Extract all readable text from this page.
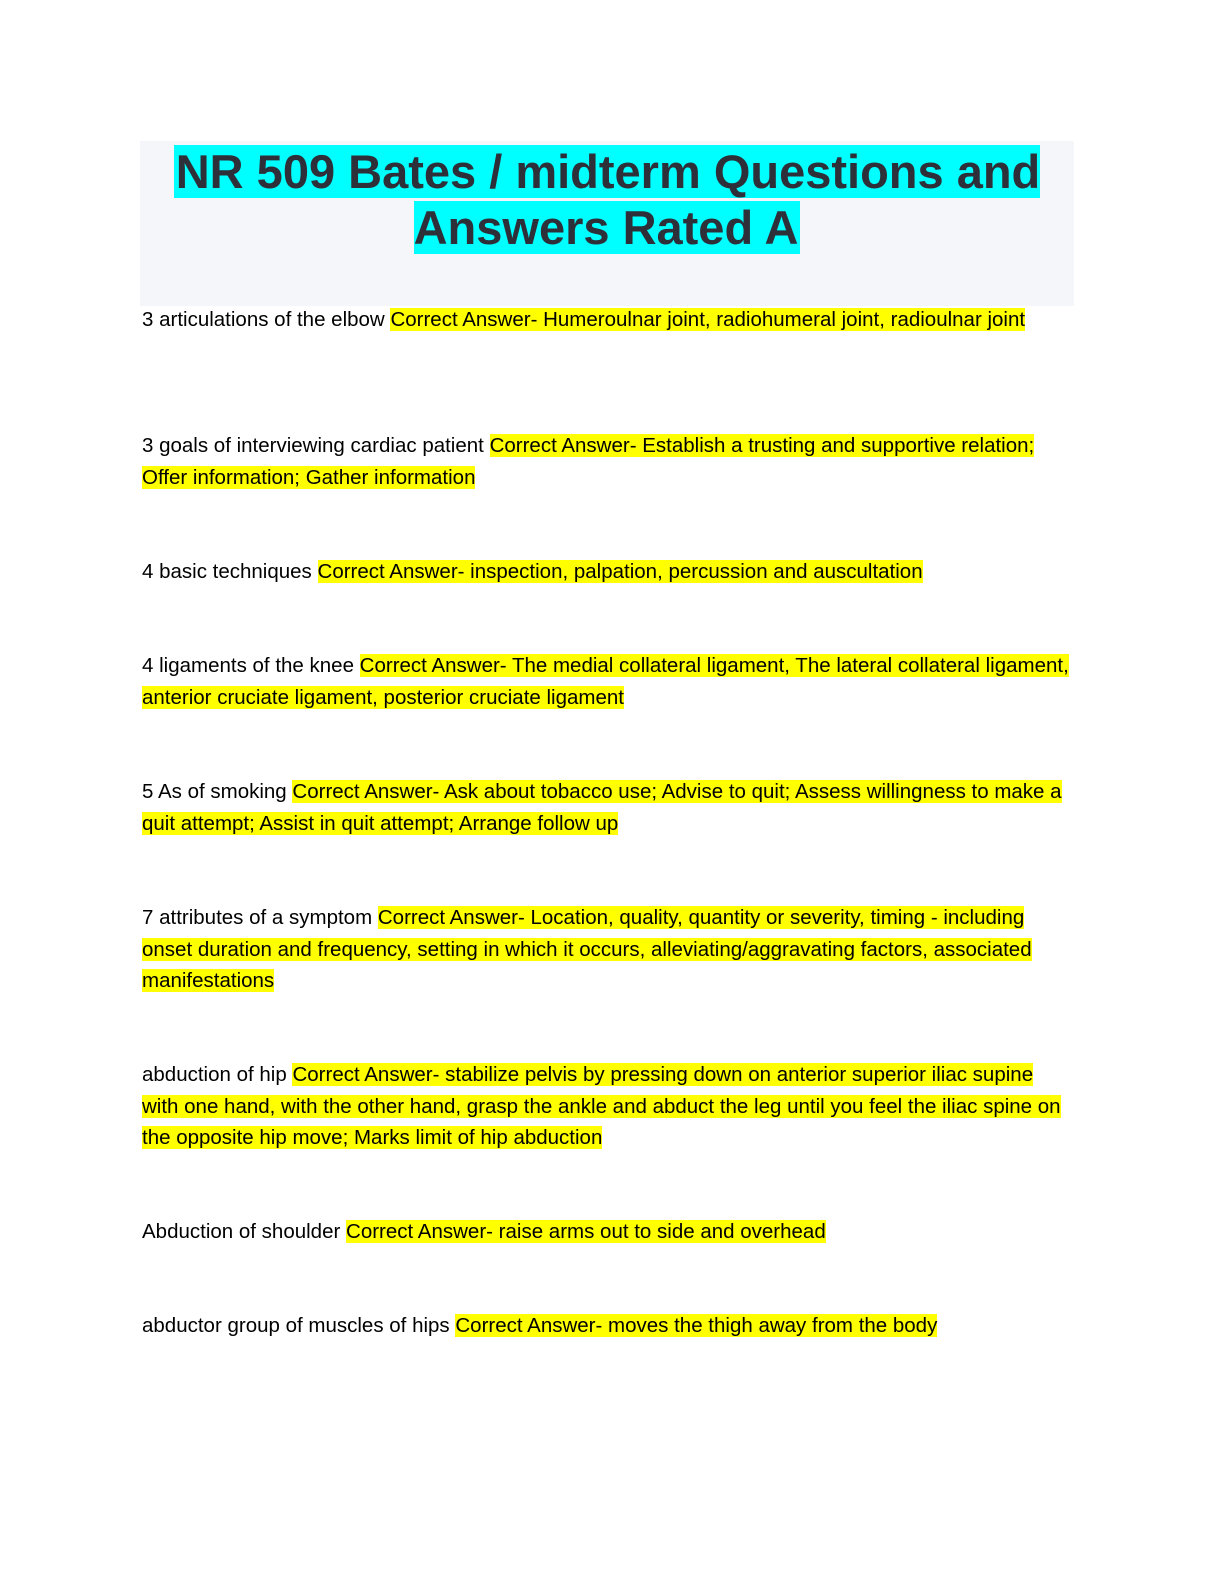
NR 509 Bates / midterm Questions and Answers Rated A

3 articulations of the elbow Correct Answer- Humeroulnar joint, radiohumeral joint, radioulnar joint

3 goals of interviewing cardiac patient Correct Answer- Establish a trusting and supportive relation; Offer information; Gather information

4 basic techniques Correct Answer- inspection, palpation, percussion and auscultation

4 ligaments of the knee Correct Answer- The medial collateral ligament, The lateral collateral ligament, anterior cruciate ligament, posterior cruciate ligament

5 As of smoking Correct Answer- Ask about tobacco use; Advise to quit; Assess willingness to make a quit attempt; Assist in quit attempt; Arrange follow up

7 attributes of a symptom Correct Answer- Location, quality, quantity or severity, timing - including onset duration and frequency, setting in which it occurs, alleviating/aggravating factors, associated manifestations

abduction of hip Correct Answer- stabilize pelvis by pressing down on anterior superior iliac supine with one hand, with the other hand, grasp the ankle and abduct the leg until you feel the iliac spine on the opposite hip move; Marks limit of hip abduction

Abduction of shoulder Correct Answer- raise arms out to side and overhead

abductor group of muscles of hips Correct Answer- moves the thigh away from the body
